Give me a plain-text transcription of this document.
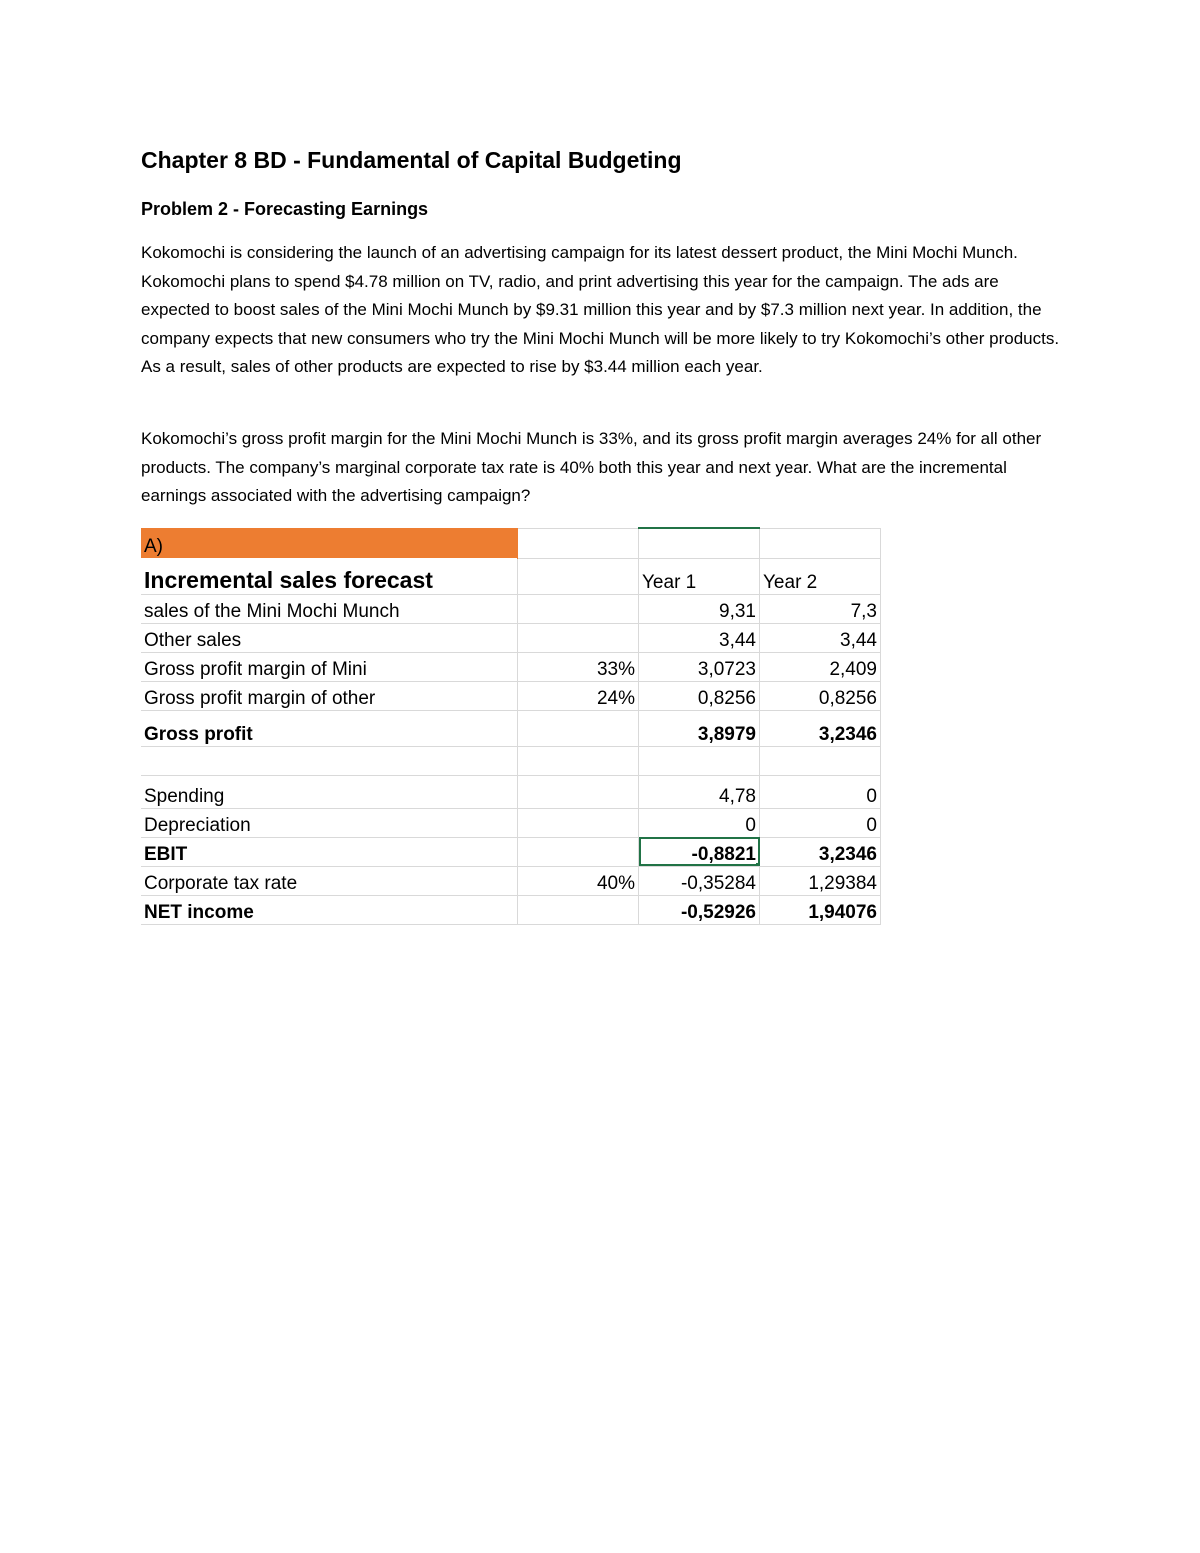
Chapter 8 BD - Fundamental of Capital Budgeting
Problem 2 - Forecasting Earnings

Kokomochi is considering the launch of an advertising campaign for its latest dessert product, the Mini Mochi Munch. Kokomochi plans to spend $4.78 million on TV, radio, and print advertising this year for the campaign. The ads are expected to boost sales of the Mini Mochi Munch by $9.31 million this year and by $7.3 million next year. In addition, the company expects that new consumers who try the Mini Mochi Munch will be more likely to try Kokomochi’s other products. As a result, sales of other products are expected to rise by $3.44 million each year.

Kokomochi’s gross profit margin for the Mini Mochi Munch is 33%, and its gross profit margin averages 24% for all other products. The company’s marginal corporate tax rate is 40% both this year and next year. What are the incremental earnings associated with the advertising campaign?

A)			
Incremental sales forecast		Year 1	Year 2
sales of the Mini Mochi Munch		9,31	7,3
Other sales		3,44	3,44
Gross profit margin of Mini	33%	3,0723	2,409
Gross profit margin of other	24%	0,8256	0,8256
Gross profit		3,8979	3,2346

Spending		4,78	0
Depreciation		0	0
EBIT		-0,8821	3,2346
Corporate tax rate	40%	-0,35284	1,29384
NET income		-0,52926	1,94076
